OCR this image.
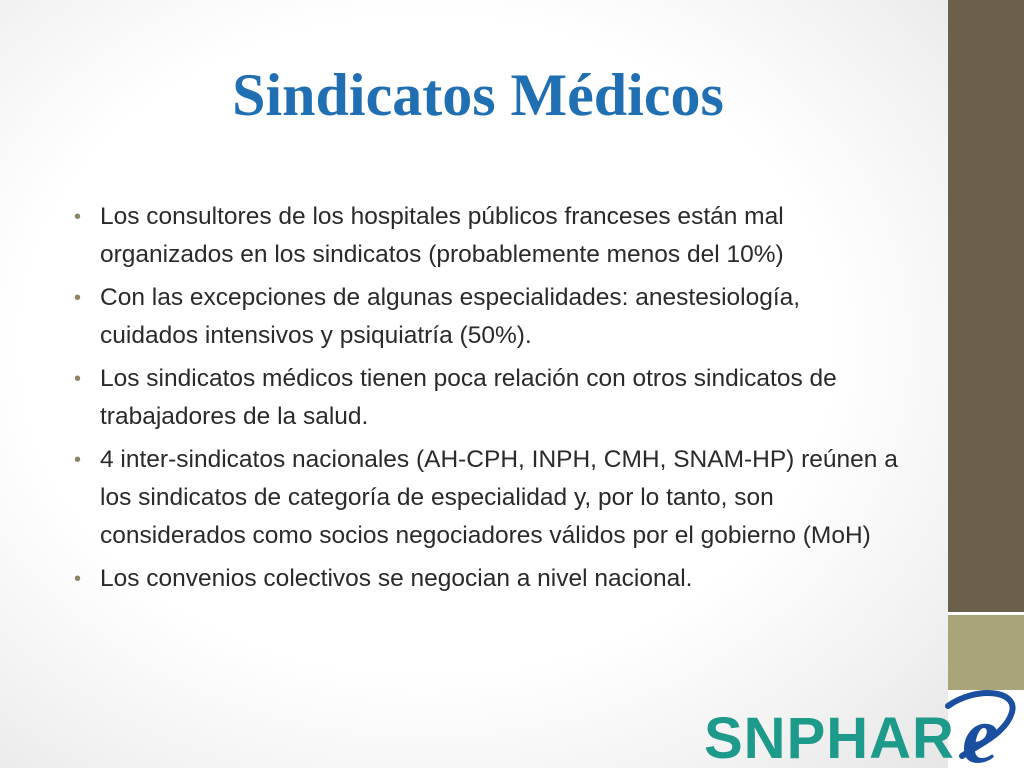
Sindicatos Médicos
• Los consultores de los hospitales públicos franceses están mal organizados en los sindicatos (probablemente menos del 10%)
• Con las excepciones de algunas especialidades: anestesiología, cuidados intensivos y psiquiatría (50%).
• Los sindicatos médicos tienen poca relación con otros sindicatos de trabajadores de la salud.
• 4 inter-sindicatos nacionales (AH-CPH, INPH, CMH, SNAM-HP) reúnen a los sindicatos de categoría de especialidad y, por lo tanto, son considerados como socios negociadores válidos por el gobierno (MoH)
• Los convenios colectivos se negocian a nivel nacional.
SNPHAR e
